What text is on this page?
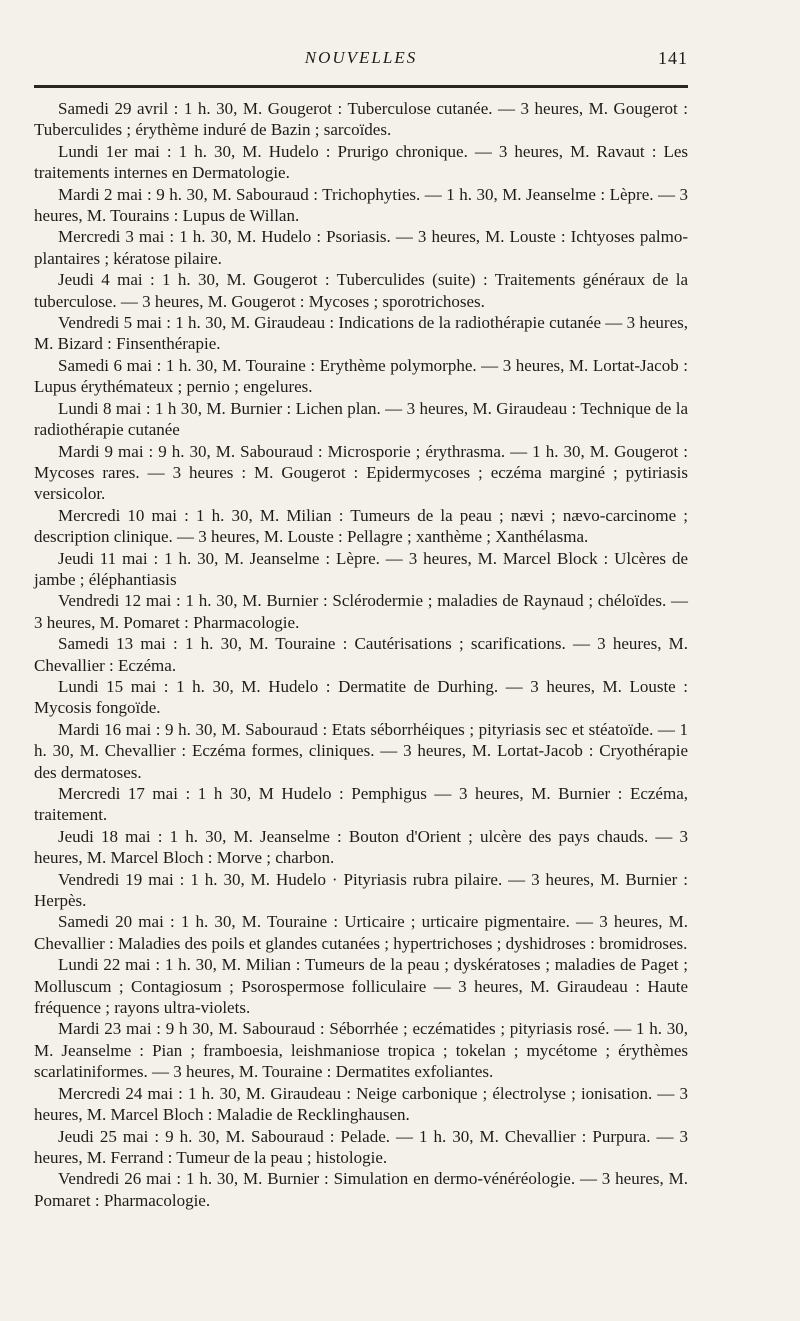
NOUVELLES	141

Samedi 29 avril : 1 h. 30, M. Gougerot : Tuberculose cutanée. — 3 heures, M. Gougerot : Tuberculides ; érythème induré de Bazin ; sarcoïdes.

Lundi 1er mai : 1 h. 30, M. Hudelo : Prurigo chronique. — 3 heures, M. Ravaut : Les traitements internes en Dermatologie.

Mardi 2 mai : 9 h. 30, M. Sabouraud : Trichophyties. — 1 h. 30, M. Jeanselme : Lèpre. — 3 heures, M. Tourains : Lupus de Willan.

Mercredi 3 mai : 1 h. 30, M. Hudelo : Psoriasis. — 3 heures, M. Louste : Ichtyoses palmo-plantaires ; kératose pilaire.

Jeudi 4 mai : 1 h. 30, M. Gougerot : Tuberculides (suite) : Traitements généraux de la tuberculose. — 3 heures, M. Gougerot : Mycoses ; sporotrichoses.

Vendredi 5 mai : 1 h. 30, M. Giraudeau : Indications de la radiothérapie cutanée — 3 heures, M. Bizard : Finsenthérapie.

Samedi 6 mai : 1 h. 30, M. Touraine : Erythème polymorphe. — 3 heures, M. Lortat-Jacob : Lupus érythémateux ; pernio ; engelures.

Lundi 8 mai : 1 h 30, M. Burnier : Lichen plan. — 3 heures, M. Giraudeau : Technique de la radiothérapie cutanée

Mardi 9 mai : 9 h. 30, M. Sabouraud : Microsporie ; érythrasma. — 1 h. 30, M. Gougerot : Mycoses rares. — 3 heures : M. Gougerot : Epidermycoses ; eczéma marginé ; pytiriasis versicolor.

Mercredi 10 mai : 1 h. 30, M. Milian : Tumeurs de la peau ; nævi ; nævo-carcinome ; description clinique. — 3 heures, M. Louste : Pellagre ; xanthème ; Xanthélasma.

Jeudi 11 mai : 1 h. 30, M. Jeanselme : Lèpre. — 3 heures, M. Marcel Block : Ulcères de jambe ; éléphantiasis

Vendredi 12 mai : 1 h. 30, M. Burnier : Sclérodermie ; maladies de Raynaud ; chéloïdes. — 3 heures, M. Pomaret : Pharmacologie.

Samedi 13 mai : 1 h. 30, M. Touraine : Cautérisations ; scarifications. — 3 heures, M. Chevallier : Eczéma.

Lundi 15 mai : 1 h. 30, M. Hudelo : Dermatite de Durhing. — 3 heures, M. Louste : Mycosis fongoïde.

Mardi 16 mai : 9 h. 30, M. Sabouraud : Etats séborrhéiques ; pityriasis sec et stéatoïde. — 1 h. 30, M. Chevallier : Eczéma formes, cliniques. — 3 heures, M. Lortat-Jacob : Cryothérapie des dermatoses.

Mercredi 17 mai : 1 h 30, M Hudelo : Pemphigus — 3 heures, M. Burnier : Eczéma, traitement.

Jeudi 18 mai : 1 h. 30, M. Jeanselme : Bouton d'Orient ; ulcère des pays chauds. — 3 heures, M. Marcel Bloch : Morve ; charbon.

Vendredi 19 mai : 1 h. 30, M. Hudelo · Pityriasis rubra pilaire. — 3 heures, M. Burnier : Herpès.

Samedi 20 mai : 1 h. 30, M. Touraine : Urticaire ; urticaire pigmentaire. — 3 heures, M. Chevallier : Maladies des poils et glandes cutanées ; hypertrichoses ; dyshidroses : bromidroses.

Lundi 22 mai : 1 h. 30, M. Milian : Tumeurs de la peau ; dyskératoses ; maladies de Paget ; Molluscum ; Contagiosum ; Psorospermose folliculaire — 3 heures, M. Giraudeau : Haute fréquence ; rayons ultra-violets.

Mardi 23 mai : 9 h 30, M. Sabouraud : Séborrhée ; eczématides ; pityriasis rosé. — 1 h. 30, M. Jeanselme : Pian ; framboesia, leishmaniose tropica ; tokelan ; mycétome ; érythèmes scarlatiniformes. — 3 heures, M. Touraine : Dermatites exfoliantes.

Mercredi 24 mai : 1 h. 30, M. Giraudeau : Neige carbonique ; électrolyse ; ionisation. — 3 heures, M. Marcel Bloch : Maladie de Recklinghausen.

Jeudi 25 mai : 9 h. 30, M. Sabouraud : Pelade. — 1 h. 30, M. Chevallier : Purpura. — 3 heures, M. Ferrand : Tumeur de la peau ; histologie.

Vendredi 26 mai : 1 h. 30, M. Burnier : Simulation en dermo-vénéréologie. — 3 heures, M. Pomaret : Pharmacologie.
